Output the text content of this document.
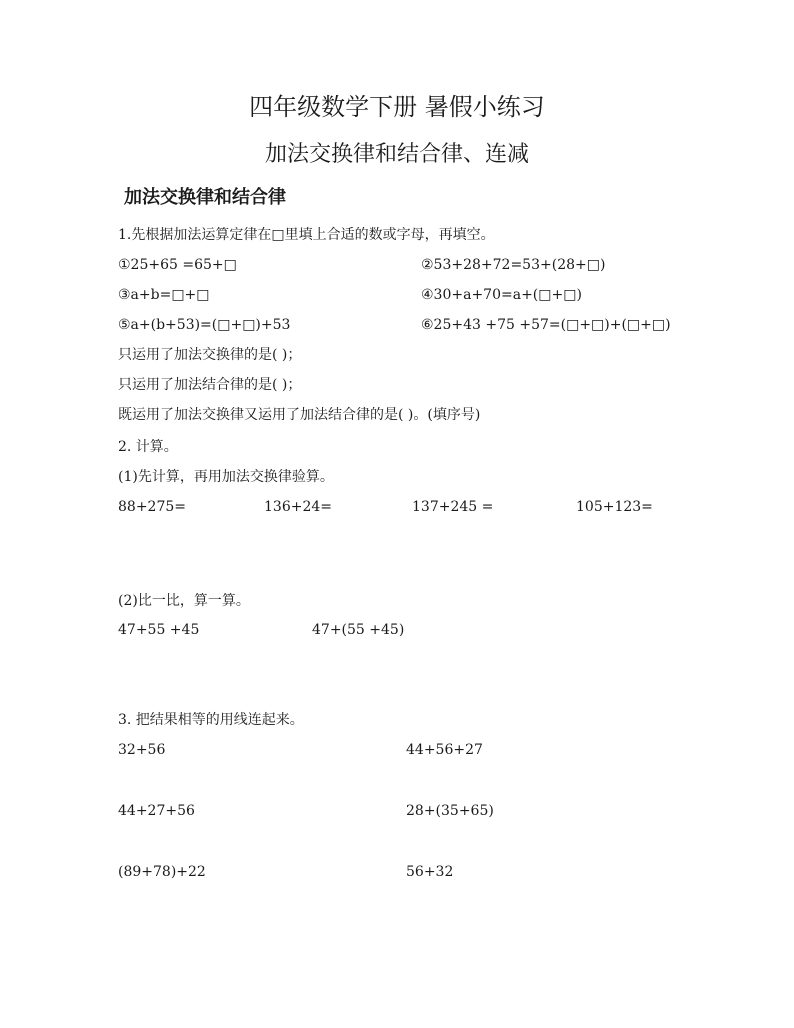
四年级数学下册 暑假小练习
加法交换律和结合律、连减
加法交换律和结合律
1.先根据加法运算定律在□里填上合适的数或字母，再填空。
①25+65 =65+□	②53+28+72=53+(28+□)
③a+b=□+□	④30+a+70=a+(□+□)
⑤a+(b+53)=(□+□)+53	⑥25+43 +75 +57=(□+□)+(□+□)
只运用了加法交换律的是( )；
只运用了加法结合律的是( )；
既运用了加法交换律又运用了加法结合律的是( )。(填序号)
2. 计算。
(1)先计算，再用加法交换律验算。
88+275=	136+24=	137+245 =	105+123=
(2)比一比，算一算。
47+55 +45	47+(55 +45)
3. 把结果相等的用线连起来。
32+56	44+56+27
44+27+56	28+(35+65)
(89+78)+22	56+32
